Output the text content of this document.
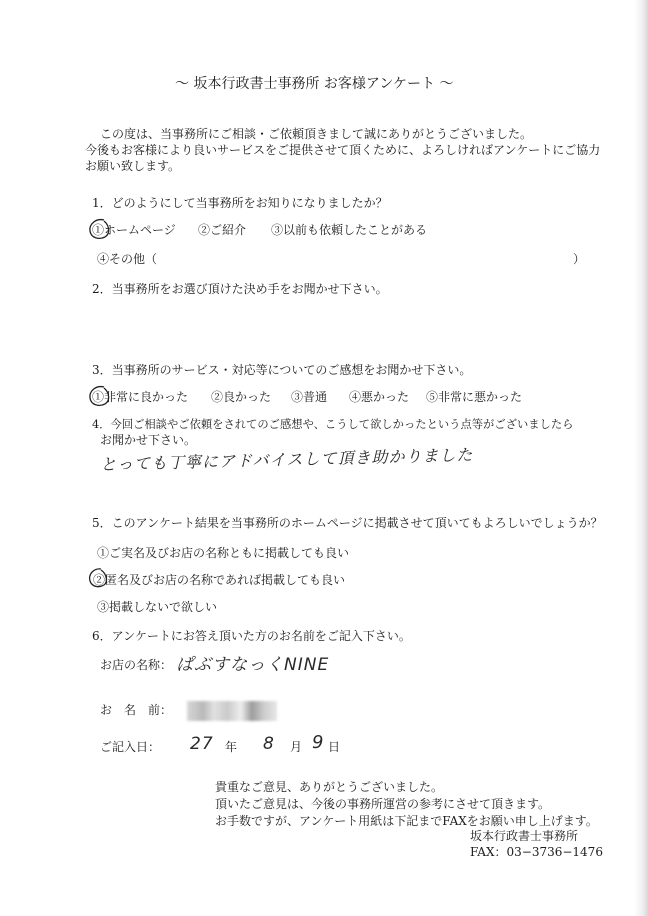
〜 坂本行政書士事務所 お客様アンケート 〜
この度は、当事務所にご相談・ご依頼頂きまして誠にありがとうございました。
今後もお客様により良いサービスをご提供させて頂くために、よろしければアンケートにご協力
お願い致します。
1．どのようにして当事務所をお知りになりましたか？
①ホームページ ②ご紹介 ③以前も依頼したことがある
④その他（	）
2．当事務所をお選び頂けた決め手をお聞かせ下さい。
3．当事務所のサービス・対応等についてのご感想をお聞かせ下さい。
①非常に良かった ②良かった ③普通 ④悪かった ⑤非常に悪かった
4．今回ご相談やご依頼をされてのご感想や、こうして欲しかったという点等がございましたら
お聞かせ下さい。
とっても丁寧にアドバイスして頂き助かりました
5．このアンケート結果を当事務所のホームページに掲載させて頂いてもよろしいでしょうか？
①ご実名及びお店の名称ともに掲載しても良い
②匿名及びお店の名称であれば掲載しても良い
③掲載しないで欲しい
6．アンケートにお答え頂いた方のお名前をご記入下さい。
お店の名称： ぱぶすなっくNINE
お　名　前：
ご記入日： 27 年 8 月 9 日
貴重なご意見、ありがとうございました。
頂いたご意見は、今後の事務所運営の参考にさせて頂きます。
お手数ですが、アンケート用紙は下記までFAXをお願い申し上げます。
坂本行政書士事務所
FAX：03−3736−1476
